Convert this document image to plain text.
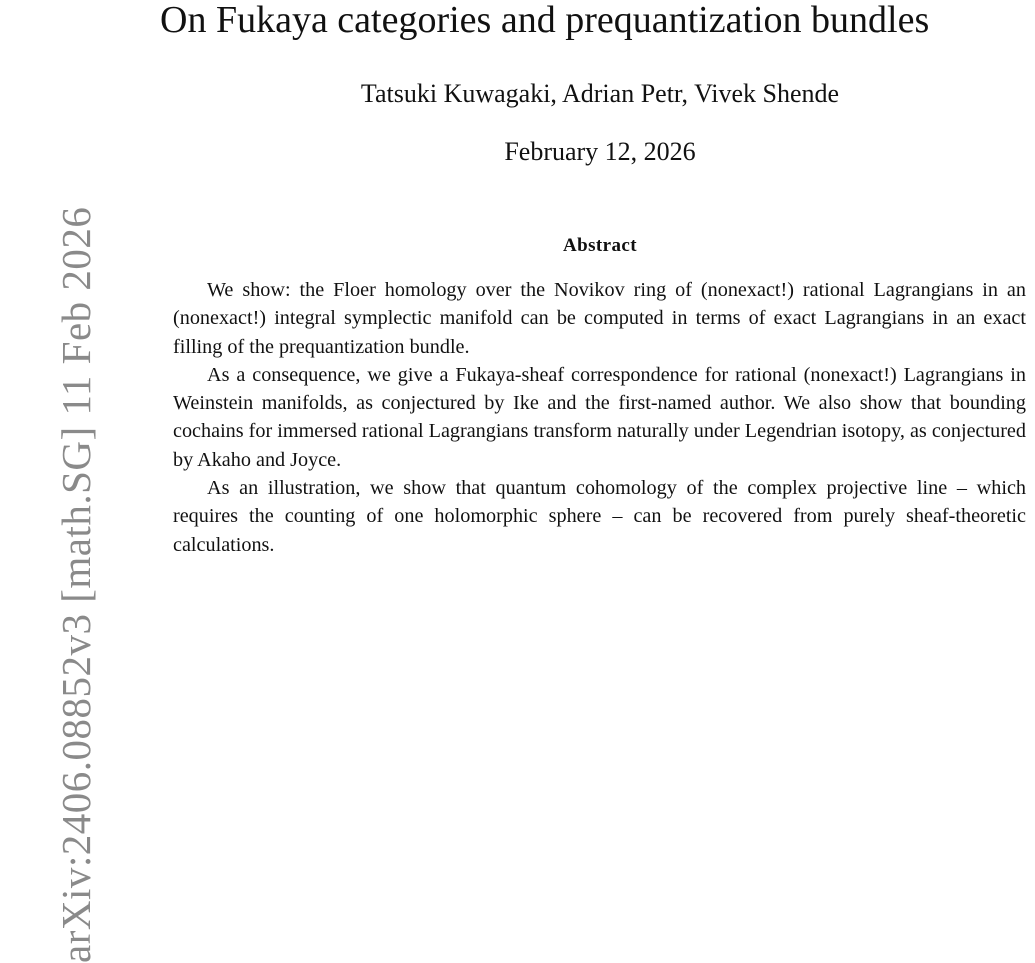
arXiv:2406.08852v3 [math.SG] 11 Feb 2026
On Fukaya categories and prequantization bundles
Tatsuki Kuwagaki, Adrian Petr, Vivek Shende
February 12, 2026
Abstract

We show: the Floer homology over the Novikov ring of (nonexact!) rational Lagrangians in an (nonexact!) integral symplectic manifold can be computed in terms of exact Lagrangians in an exact filling of the prequantization bundle.

As a consequence, we give a Fukaya-sheaf correspondence for rational (nonexact!) Lagrangians in Weinstein manifolds, as conjectured by Ike and the first-named author. We also show that bounding cochains for immersed rational Lagrangians transform naturally under Legendrian isotopy, as conjectured by Akaho and Joyce.

As an illustration, we show that quantum cohomology of the complex projective line – which requires the counting of one holomorphic sphere – can be recovered from purely sheaf-theoretic calculations.
